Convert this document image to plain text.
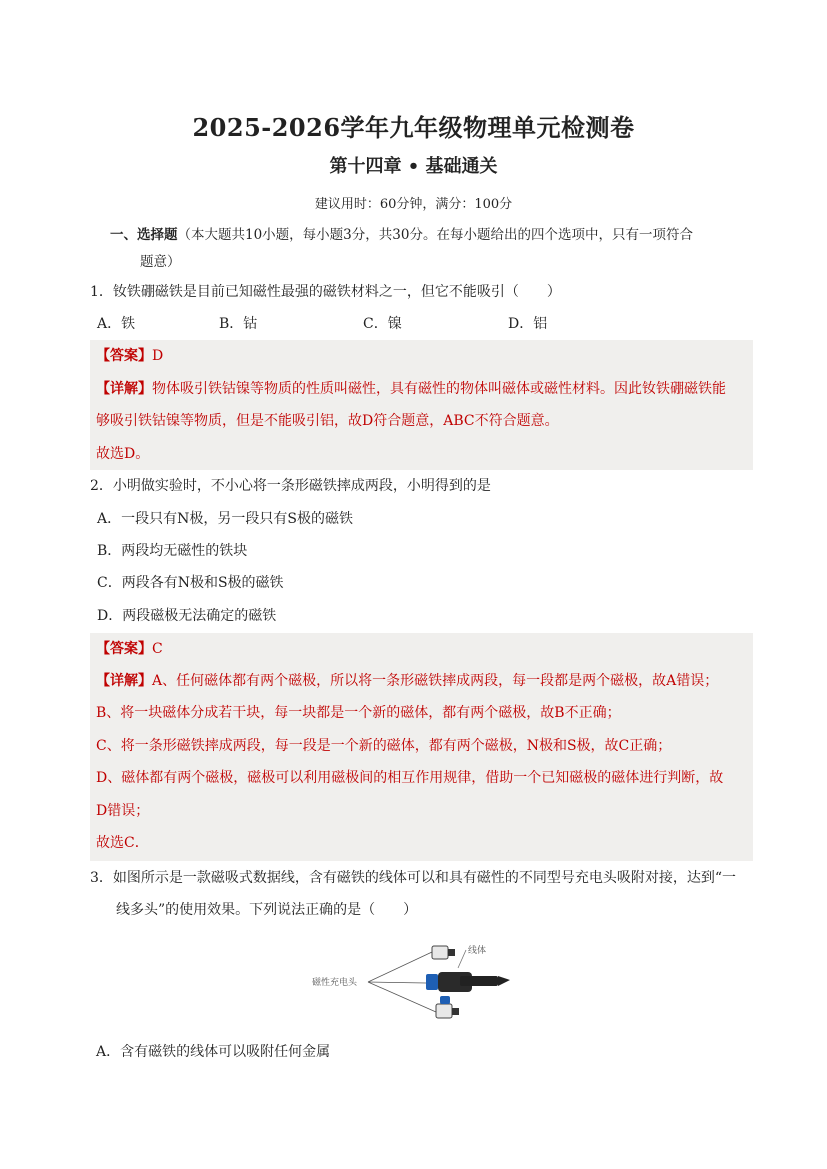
2025-2026学年九年级物理单元检测卷
第十四章 • 基础通关
建议用时：60分钟，满分：100分
一、选择题（本大题共10小题，每小题3分，共30分。在每小题给出的四个选项中，只有一项符合
题意）
1．钕铁硼磁铁是目前已知磁性最强的磁铁材料之一，但它不能吸引（　　）
A．铁	B．钴	C．镍	D．铝
【答案】D
【详解】物体吸引铁钴镍等物质的性质叫磁性，具有磁性的物体叫磁体或磁性材料。因此钕铁硼磁铁能
够吸引铁钴镍等物质，但是不能吸引铝，故D符合题意，ABC不符合题意。
故选D。
2．小明做实验时，不小心将一条形磁铁摔成两段，小明得到的是
A．一段只有N极，另一段只有S极的磁铁
B．两段均无磁性的铁块
C．两段各有N极和S极的磁铁
D．两段磁极无法确定的磁铁
【答案】C
【详解】A、任何磁体都有两个磁极，所以将一条形磁铁摔成两段，每一段都是两个磁极，故A错误；
B、将一块磁体分成若干块，每一块都是一个新的磁体，都有两个磁极，故B不正确；
C、将一条形磁铁摔成两段，每一段是一个新的磁体，都有两个磁极，N极和S极，故C正确；
D、磁体都有两个磁极，磁极可以利用磁极间的相互作用规律，借助一个已知磁极的磁体进行判断，故
D错误；
故选C．
3．如图所示是一款磁吸式数据线，含有磁铁的线体可以和具有磁性的不同型号充电头吸附对接，达到“一
线多头”的使用效果。下列说法正确的是（　　）
线体
磁性充电头
A．含有磁铁的线体可以吸附任何金属
